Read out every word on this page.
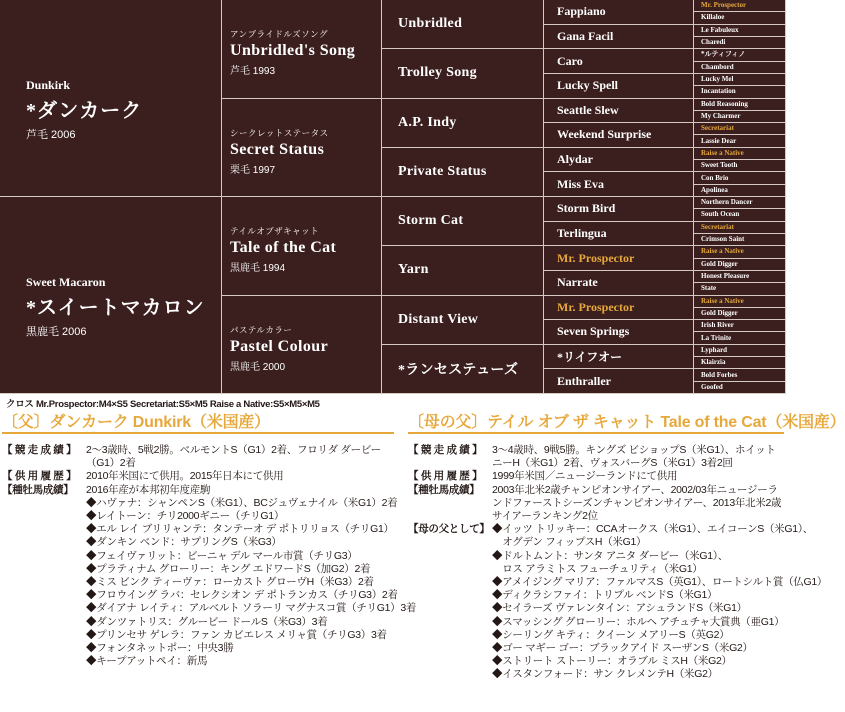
Dunkirk
*ダンカーク
芦毛 2006
Sweet Macaron
*スイートマカロン
黒鹿毛 2006
アンブライドルズソング
Unbridled's Song
芦毛 1993
シークレットステータス
Secret Status
栗毛 1997
テイルオブザキャット
Tale of the Cat
黒鹿毛 1994
パステルカラー
Pastel Colour
黒鹿毛 2000
Unbridled
Trolley Song
A.P. Indy
Private Status
Storm Cat
Yarn
Distant View
*ランセステューズ
Fappiano
Gana Facil
Caro
Lucky Spell
Seattle Slew
Weekend Surprise
Alydar
Miss Eva
Storm Bird
Terlingua
Mr. Prospector
Narrate
Mr. Prospector
Seven Springs
*リイフオー
Enthraller
Mr. Prospector
Killaloe
Le Fabuleux
Charedi
*ルティフィノ
Chambord
Lucky Mel
Incantation
Bold Reasoning
My Charmer
Secretariat
Lassie Dear
Raise a Native
Sweet Tooth
Con Brio
Apolinea
Northern Dancer
South Ocean
Secretariat
Crimson Saint
Raise a Native
Gold Digger
Honest Pleasure
State
Raise a Native
Gold Digger
Irish River
La Trinite
Lyphard
Klairzia
Bold Forbes
Goofed
クロス Mr.Prospector:M4×S5 Secretariat:S5×M5 Raise a Native:S5×M5×M5
〔父〕ダンカーク Dunkirk（米国産）
【 競 走 成 績 】 2～3歳時、5戦2勝。ベルモントS（G1）2着、フロリダ ダービー（G1）2着
【 供 用 履 歴 】 2010年米国にて供用。2015年日本にて供用
【種牡馬成績】	2016年産が本邦初年度産駒
◆ハヴァナ：シャンペンS（米G1）、BCジュヴェナイル（米G1）2着
◆レイトーン：チリ2000ギニー（チリG1）
◆エル レイ ブリリャンテ：タンテーオ デ ポトリリョス（チリG1）
◆ダンキン ベンド：サプリングS（米G3）
◆フェイヴァリット：ビーニャ デル マール市賞（チリG3）
◆プラティナム グローリー：キング エドワードS（加G2）2着
◆ミス ビンク ティーヴァ：ローカスト グローヴH（米G3）2着
◆フロウイング ラバ：セレクシオン デ ポトランカス（チリG3）2着
◆ダイアナ レイティ：アルベルト ソラーリ マグナスコ賞（チリG1）3着
◆ダンツァトリス：グルービー ドールS（米G3）3着
◆プリンセサ ゲレラ：ファン カビエレス メリャ賞（チリG3）3着
◆フォンタネットポー：中央3勝
◆キープアットペイ：新馬
〔母の父〕テイル オブ ザ キャット Tale of the Cat（米国産）
【 競 走 成 績 】 3～4歳時、9戦5勝。キングズ ビショップS（米G1）、ホイットニーH（米G1）2着、ヴォスバーグS（米G1）3着2回
【 供 用 履 歴 】 1999年米国／ニュージーランドにて供用
【種牡馬成績】	2003年北米2歳チャンピオンサイアー、2002/03年ニュージーランドファーストシーズンチャンピオンサイアー、2013年北米2歳サイアーランキング2位
【母の父として】 ◆イッツ トリッキー：CCAオークス（米G1）、エイコーンS（米G1）、
　オグデン フィップスH（米G1）
◆ドルトムント：サンタ アニタ ダービー（米G1）、
　ロス アラミトス フューチュリティ（米G1）
◆アメイジング マリア：ファルマスS（英G1）、ロートシルト賞（仏G1）
◆ディクラシファイ：トリプル ベンドS（米G1）
◆セイラーズ ヴァレンタイン：アシュランドS（米G1）
◆スマッシング グローリー：ホルヘ アチュチャ大賞典（亜G1）
◆シーリング キティ：クイーン メアリーS（英G2）
◆ゴー マギー ゴー：ブラックアイド スーザンS（米G2）
◆ストリート ストーリー：オラブル ミスH（米G2）
◆イスタンフォード：サン クレメンテH（米G2）
